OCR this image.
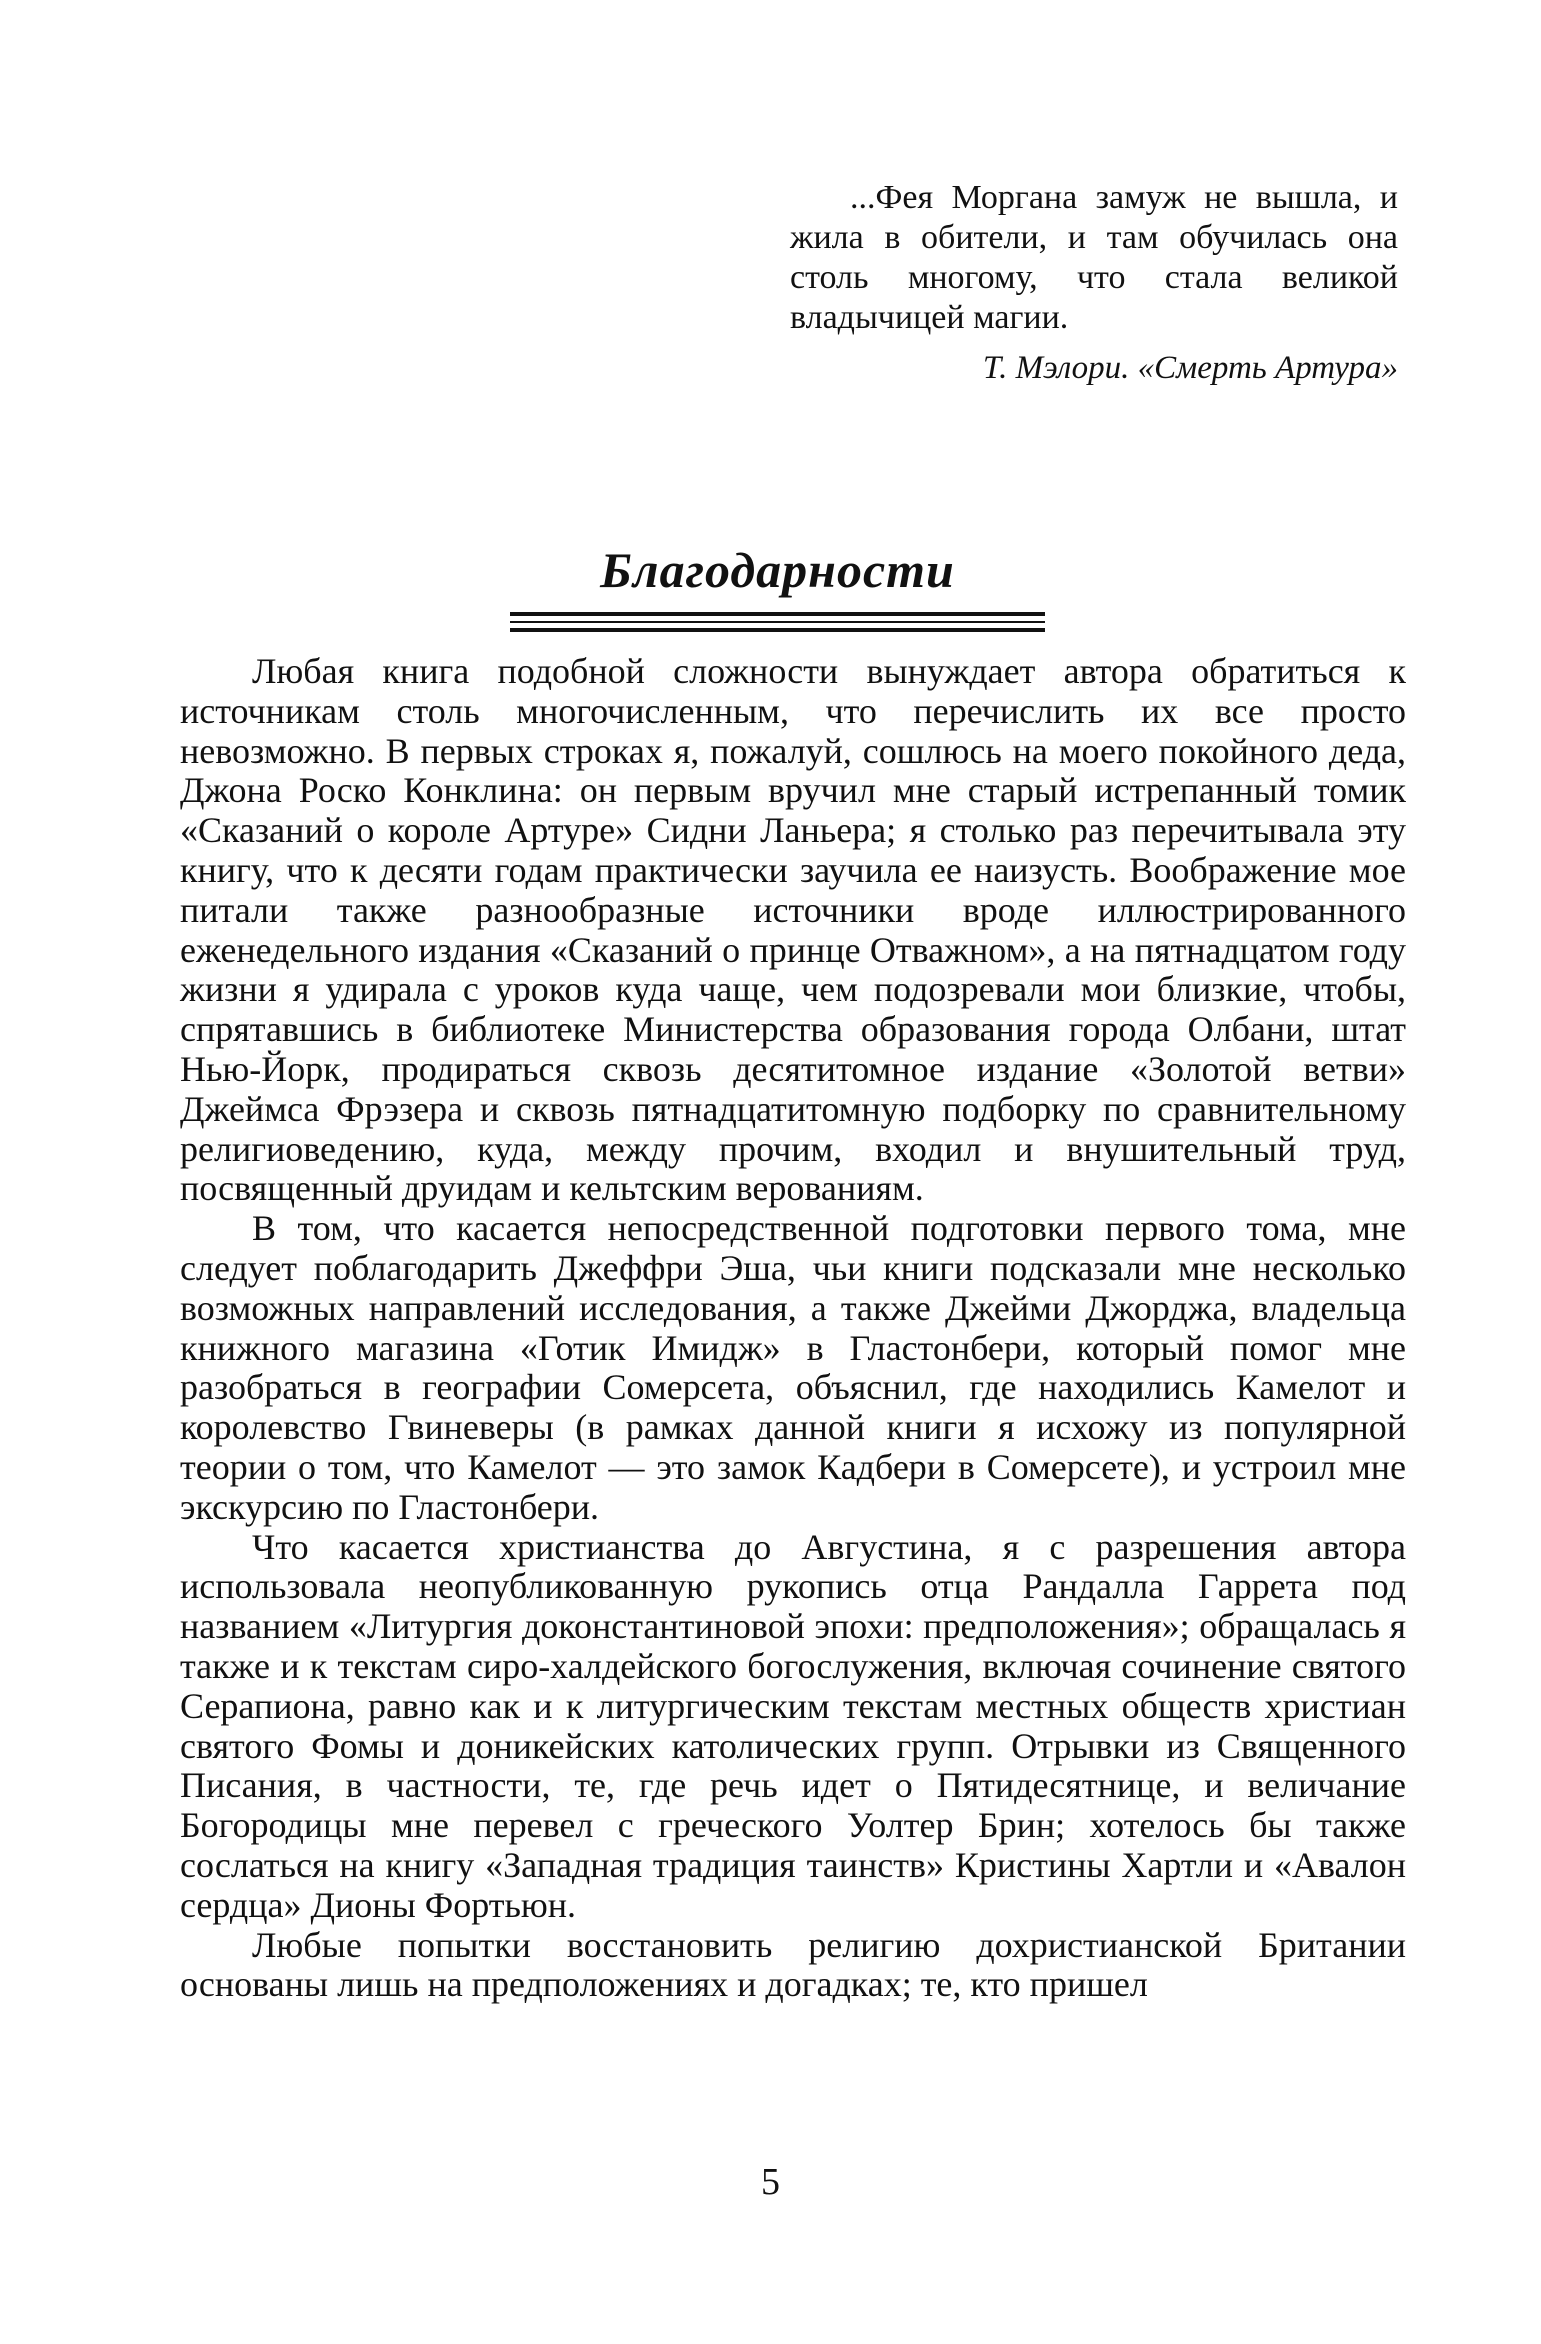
...Фея Моргана замуж не вышла, и жила в обители, и там обучилась она столь многому, что стала великой владычицей магии.

Т. Мэлори. «Смерть Артура»

Благодарности

Любая книга подобной сложности вынуждает автора обратиться к источникам столь многочисленным, что перечислить их все просто невозможно. В первых строках я, пожалуй, сошлюсь на моего покойного деда, Джона Роско Конклина: он первым вручил мне старый истрепанный томик «Сказаний о короле Артуре» Сидни Ланьера; я столько раз перечитывала эту книгу, что к десяти годам практически заучила ее наизусть. Воображение мое питали также разнообразные источники вроде иллюстрированного еженедельного издания «Сказаний о принце Отважном», а на пятнадцатом году жизни я удирала с уроков куда чаще, чем подозревали мои близкие, чтобы, спрятавшись в библиотеке Министерства образования города Олбани, штат Нью-Йорк, продираться сквозь десятитомное издание «Золотой ветви» Джеймса Фрэзера и сквозь пятнадцатитомную подборку по сравнительному религиоведению, куда, между прочим, входил и внушительный труд, посвященный друидам и кельтским верованиям.

В том, что касается непосредственной подготовки первого тома, мне следует поблагодарить Джеффри Эша, чьи книги подсказали мне несколько возможных направлений исследования, а также Джейми Джорджа, владельца книжного магазина «Готик Имидж» в Гластонбери, который помог мне разобраться в географии Сомерсета, объяснил, где находились Камелот и королевство Гвиневеры (в рамках данной книги я исхожу из популярной теории о том, что Камелот — это замок Кадбери в Сомерсете), и устроил мне экскурсию по Гластонбери.

Что касается христианства до Августина, я с разрешения автора использовала неопубликованную рукопись отца Рандалла Гаррета под названием «Литургия доконстантиновой эпохи: предположения»; обращалась я также и к текстам сиро-халдейского богослужения, включая сочинение святого Серапиона, равно как и к литургическим текстам местных обществ христиан святого Фомы и доникейских католических групп. Отрывки из Священного Писания, в частности, те, где речь идет о Пятидесятнице, и величание Богородицы мне перевел с греческого Уолтер Брин; хотелось бы также сослаться на книгу «Западная традиция таинств» Кристины Хартли и «Авалон сердца» Дионы Фортьюн.

Любые попытки восстановить религию дохристианской Британии основаны лишь на предположениях и догадках; те, кто пришел

5
